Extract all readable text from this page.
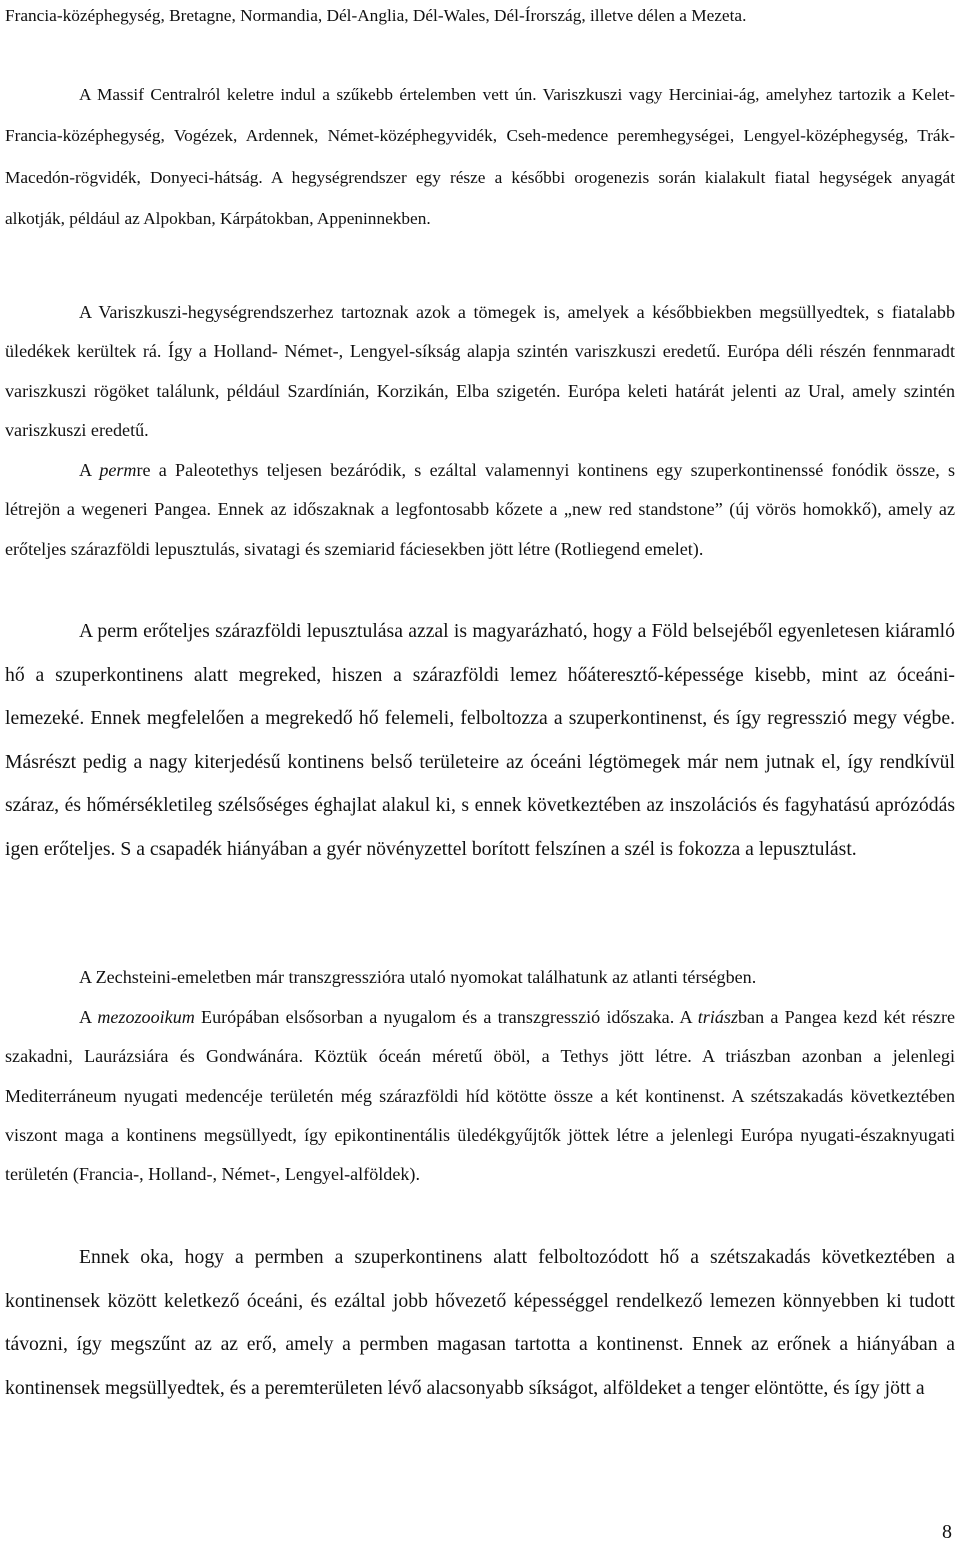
Francia-középhegység, Bretagne, Normandia, Dél-Anglia, Dél-Wales, Dél-Írország, illetve délen a Mezeta.

A Massif Centralról keletre indul a szűkebb értelemben vett ún. Variszkuszi vagy Herciniai-ág, amelyhez tartozik a Kelet-Francia-középhegység, Vogézek, Ardennek, Német-középhegyvidék, Cseh-medence peremhegységei, Lengyel-középhegység, Trák-Macedón-rögvidék, Donyeci-hátság. A hegységrendszer egy része a későbbi orogenezis során kialakult fiatal hegységek anyagát alkotják, például az Alpokban, Kárpátokban, Appeninnekben.

A Variszkuszi-hegységrendszerhez tartoznak azok a tömegek is, amelyek a későbbiekben megsüllyedtek, s fiatalabb üledékek kerültek rá. Így a Holland- Német-, Lengyel-síkság alapja szintén variszkuszi eredetű. Európa déli részén fennmaradt variszkuszi rögöket találunk, például Szardínián, Korzikán, Elba szigetén. Európa keleti határát jelenti az Ural, amely szintén variszkuszi eredetű.

A permre a Paleotethys teljesen bezáródik, s ezáltal valamennyi kontinens egy szuperkontinenssé fonódik össze, s létrejön a wegeneri Pangea. Ennek az időszaknak a legfontosabb kőzete a „new red standstone” (új vörös homokkő), amely az erőteljes szárazföldi lepusztulás, sivatagi és szemiarid fáciesekben jött létre (Rotliegend emelet).

A perm erőteljes szárazföldi lepusztulása azzal is magyarázható, hogy a Föld belsejéből egyenletesen kiáramló hő a szuperkontinens alatt megreked, hiszen a szárazföldi lemez hőáteresztő-képessége kisebb, mint az óceáni-lemezeké. Ennek megfelelően a megrekedő hő felemeli, felboltozza a szuperkontinenst, és így regresszió megy végbe. Másrészt pedig a nagy kiterjedésű kontinens belső területeire az óceáni légtömegek már nem jutnak el, így rendkívül száraz, és hőmérsékletileg szélsőséges éghajlat alakul ki, s ennek következtében az inszolációs és fagyhatású aprózódás igen erőteljes. S a csapadék hiányában a gyér növényzettel borított felszínen a szél is fokozza a lepusztulást.

A Zechsteini-emeletben már transzgresszióra utaló nyomokat találhatunk az atlanti térségben.

A mezozooikum Európában elsősorban a nyugalom és a transzgresszió időszaka. A triászban a Pangea kezd két részre szakadni, Laurázsiára és Gondwánára. Köztük óceán méretű öböl, a Tethys jött létre. A triászban azonban a jelenlegi Mediterráneum nyugati medencéje területén még szárazföldi híd kötötte össze a két kontinenst. A szétszakadás következtében viszont maga a kontinens megsüllyedt, így epikontinentális üledékgyűjtők jöttek létre a jelenlegi Európa nyugati-északnyugati területén (Francia-, Holland-, Német-, Lengyel-alföldek).

Ennek oka, hogy a permben a szuperkontinens alatt felboltozódott hő a szétszakadás következtében a kontinensek között keletkező óceáni, és ezáltal jobb hővezető képességgel rendelkező lemezen könnyebben ki tudott távozni, így megszűnt az az erő, amely a permben magasan tartotta a kontinenst. Ennek az erőnek a hiányában a kontinensek megsüllyedtek, és a peremterületen lévő alacsonyabb síkságot, alföldeket a tenger elöntötte, és így jött a

8
